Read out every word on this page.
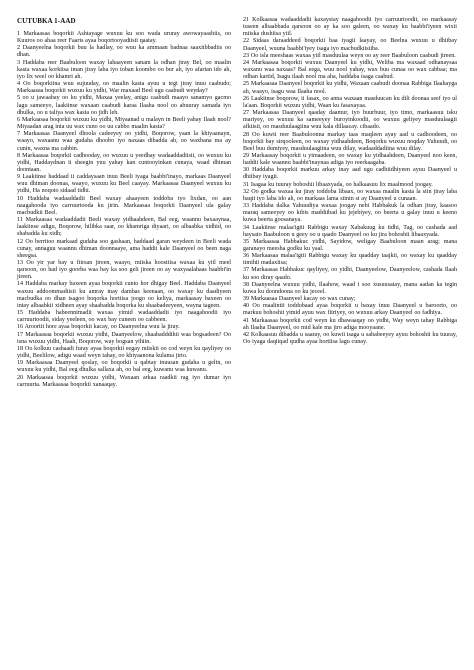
CUTUBKA 1-AAD

1 Markaasaa boqorkii Ashtayage wuxuu ku soo wada ururay awowayaashiis, oo Kuuros oo ahaa reer Faaris ayaa boqortooyadiisii qaatay.

2 Daanyeelna boqorkii buu la hadlay, oo wuu ka ammaan badnaa saaxiibbadiis oo dhan.

3 Haddaba reer Baabuloon waxay lahaayeen sanam la odhan jiray Bel, oo maalin kasta waxaa korkiisa iman jiray laba iyo toban koombo oo bur ah, iyo afartan ido ah, iyo lix weel oo khamri ah.

4 Oo boqorkiina wuu sujuuday, oo maalin kasta ayuu u tegi jiray inuu caabudo; Markaasaa boqorkii wuxuu ku yidhi, War maxaad Beel ugu caabudi weyday?

5 oo u jawaabay oo ku yidhi, Maxaa yeelay, anigu caabudi maayo sanamyo gacmo lagu sameeyo, laakiinse waxaan caabudi karaa Ilaaha nool oo abuuray samada iyo dhulka, oo u taliya wax kasta oo jidh leh.

6 Markaasaa boqorkii wuxuu ku yidhi, Miyaanad u malayn in Beeli yahay Ilaah nool? Miyaadan arag inta uu wax cuno oo uu cabbo maalin kasta?

7 Markaasaa Daanyeel dhoola cadeeyey oo yidhi, Boqorow, yaan la khiyaanayn, waayo, waxaanu waa gudaha dhoobo iyo naxaas dibadda ah, oo waxbana ma ay cunin, waxna ma cabbin.

8 Markaasaa boqorkii cadhooday, oo wuxuu u yeedhay wadaaddadiisii, oo wuxuu ku yidhi, Haddaydnan ii sheegin yuu yahay kan cuntooyinkan cunaya, waad dhiman doontaan.

9 Laakiinse haddaad ii caddaysaan inuu Beeli iyaga baabbi'inayo, markaas Daanyeel wuu dhiman doonaa, waayo, wuxuu ku Beel caayay. Markaasaa Daanyeel wuxuu ku yidhi, Ha noqoto sidaad tidhi.

10 Haddaba wadaaddadii Beel waxay ahaayeen toddoba iyo lixdan, oo aan naagahooda iyo carruurtooda ku jirin. Markaasaa boqorkii Daanyeel ula galay macbudkii Beel.

11 Markaasaa wadaaddadii Beeli waxay yidhaahdeen, Bal eeg, waannu baxaaynaa, laakiinse adigu, Boqorow, hilibka saar, oo khamriga diyaari, oo albaabka xidhid, oo shabadda ku xidh;

12 Oo berritoo markaad gudaha soo gashaan, haddaad garan weydeen in Beeli wada cunay, annaguu waannu dhiman doonnaaye, ama haddii kale Daanyeel oo been naga sheegsa.

13 Oo yir yar bay u fiirsan jireen, waayo, miiska hoostiisa waxaa ku yiil meel qarsoon, oo had iyo goorba waa bay ka soo geli jireen oo ay waxyaalahaas baabbi'in jireen.

14 Haddaba markay baxeen ayaa boqorkii cunto hor dhigay Beel. Haddaba Daanyeel waxuu addoommadiisii ku amray inay dambas keenaan, oo waxay ku daadiyeen macbudka oo dhan isagoo boqorka hortiisa joogo oo keliya, markaasay baxeen oo intay albaabkii xidheen ayay shaabadda boqorka ku shaabadeeyeen, wayna tageen.

15 Haddaba habeennimadii waxaa yimid wadaaddadii iyo naagahoodii iyo carruurtoodii, siday yeeleen, oo wax bay cuneen oo cabbeen.

16 Aroortii hore ayaa boqorkii kacay, oo Daanyeelna wuu la jiray.

17 Markaasaa boqorkii wuxuu yidhi, Daanyeelow, shaabadddihii waa bogsadeen? Oo isna wuxuu yidhi, Haah, Boqorow, way bogsan yihiin.

18 Oo kolkuu cashaadi furay ayaa boqorkii eegay miiskii oo cod weyn ku qayliyey oo yidhi, Beelilow, adigu waad weyn tahay, oo khiyaanona kulama jirto.

19 Markaasaa Daanyeel qoslay, oo boqorkii u qabtay inuusan gudaha u gelin, oo wuxuu ku yidhi, Bal eeg dhulka sallaxa ah, oo bal eeg, kuwanu waa kuwanu.

20 Markaasaa boqorkii wuxuu yidhi, Waxaan arkaa raadkii rag iyo dumar iyo carruurta. Markaasaa boqorkii xanaaqay.

21 Kolkaasaa wadaaddadii kaxaystay naagahoodii iyo carruurtoodii, oo markaasay tuseen albaabbada qarsoon oo ay ka soo galeen, oo waxay ku baabbi'iyeen wixii miiska dushiisa yiil.

22 Sidaas daraaddeed boqorkii baa iyagii laayay, oo Beelna wuxuu u dhiibay Daanyeel, wuuna baabbi'iyey isaga iyo macbudkiisiiba.

23 Oo isla meeshaas waxaa yiil masduulaa weyn oo ay reer Baabuloon caabudi jireen.

24 Markaasaa boqorkii wuxuu Daanyeel ku yidhi, Weliba ma waxaad odhanaysaa waxanu waa naxaas? Bal eega, wuu nool yahay, wax buu cunaa oo wax cabbaa; ma odhan kartid, Isagu ilaah nool ma aha, haddaba isaga caabud.

25 Markaasaa Daanyeel boqorkii ku yidhi, Waxaan caabudi doonaa Rabbiga Ilaahayga ah, waayo, isagu waa Ilaaha nool.

26 Laakiinse boqorow, ii fasax, oo anna waxaan masduucan ku dili doonaa seef iyo ul la'aan. Boqorkii wuxuu yidhi, Waan ku fasaxayaa.

27 Markaasaa Daanyeel qaaday daamur, iyo buurbuur, iyo timo, markaasuu isku mariyey, oo wuxuu ka sameeyey buroyinkoodii, oo wuxuu geliyey masduulaagii afkiisii, oo masduulaagiina wuu kala dillaacay. cibaado.

28 Oo kuwii reer Baabuloonna markay taas maqleen ayay aad u cadhoodeen, oo boqorkii bay sirqooleen, oo waxay yidhaahdeen, Boqorku wuxuu noqday Yuhuudi, oo Beel buu dumiyey, masduulaagiina wuu dilay, wadaaddadiina wuu dilay.

29 Markaasay boqorkii u yimaadeen, oo waxay ku yidhaahdeen, Daanyeel noo keen, haddii kale waannu baabbi'inaynaa adiga iyo reerkaagaba.

30 Haddaba boqorkii markuu arkay inay aad ugu cadhiidhiyeen ayuu Daanyeel u dhiibay iyagii.

31 Isagaa ku tuuray bohoshii libaaxyada, oo halkaasuu lix maalmood joogay.

32 Oo godka waxaa ku jiray toddoba libaax, oo waxaa maalin kasta la siin jiray laba baqti iyo laba ido ah, oo markaas lama siinin si ay Daanyeel u cunaan.

33 Haddaba dalka Yahuudiya waxaa joogay nebi Habbakuk la odhan jiray, kaasoo maraq sameeyey oo kibis maddiibad ku jejebiyey, oo beerta u galay inuu u keeno kuwa beerta goosanaya.

34 Laakiinse malaa'igtii Rabbigu waxay Xabakuug ku tidhi, Tag, oo cashada aad haysato Baabuloon u geey oo u qaado Daanyeel oo ku jira bohoshii libaaxyada.

35 Markaasaa Habbakuc yidhi, Sayidow, weligay Baabuloon maan arag; mana garanayo meesha godku ku yaal.

36 Markaasaa malaa'igtii Rabbigu waxay ku qaadday taajkii, oo waxay ku qaadday timihii madaxiisa;

37 Markaasaa Habbakuc qayliyey, oo yidhi, Daanyeelow, Daanyeelow, cashada Ilaah ku soo diray qaado.

38 Daanyeelna wuxuu yidhi, Ilaahow, waad i soo xusuusatay, mana aadan ka tegin kuwa ku doondoona oo ku jeceel.

39 Markaasaa Daanyeel kacay oo wax cunay;

40 Oo maalintii toddobaad ayaa boqorkii u baxay inuu Daanyeel u baroorto, oo markuu bohoshii yimid ayuu wax fiiriyey, oo wuxuu arkay Daanyeel oo fadhiya.

41 Markaasaa boqorkii cod weyn ku dhawaaqay oo yidhi, Way weyn tahay Rabbiga ah Ilaaha Daanyeel, oo mid kale ma jiro adiga mooyaane.

42 Kolkaasuu dibadda u saaray, oo kuwii isaga u sababeeyey ayuu bohoshii ku tuuray, Oo iyaga daqiiqad qudha ayaa hortiisa lagu cunay.
